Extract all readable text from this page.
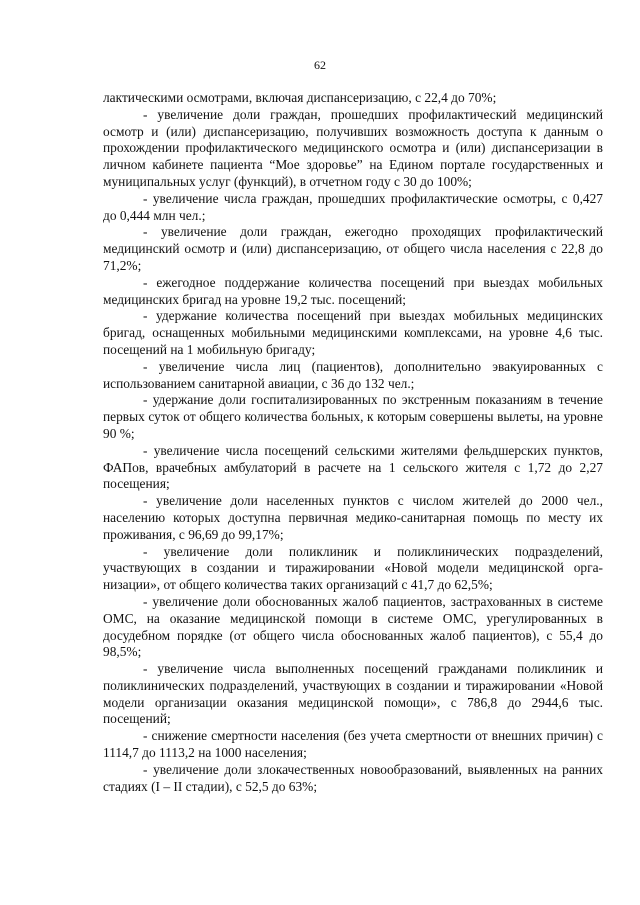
62

лактическими осмотрами, включая диспансеризацию, с 22,4 до 70%;

- увеличение доли граждан, прошедших профилактический медицинский осмотр и (или) диспансеризацию, получивших возможность доступа к данным о прохождении профилактического медицинского осмотра и (или) диспансеризации в личном кабинете пациента “Мое здоровье” на Едином портале государственных и муниципальных услуг (функций), в отчетном году с 30 до 100%;

- увеличение числа граждан, прошедших профилактические осмотры, с 0,427 до 0,444 млн чел.;

- увеличение доли граждан, ежегодно проходящих профилактический медицинский осмотр и (или) диспансеризацию, от общего числа населения с 22,8 до 71,2%;

- ежегодное поддержание количества посещений при выездах мобильных медицинских бригад на уровне 19,2 тыс. посещений;

- удержание количества посещений при выездах мобильных медицинских бригад, оснащенных мобильными медицинскими комплексами, на уровне 4,6 тыс. посещений на 1 мобильную бригаду;

- увеличение числа лиц (пациентов), дополнительно эвакуированных с использованием санитарной авиации, с 36 до 132 чел.;

- удержание доли госпитализированных по экстренным показаниям в течение первых суток от общего количества больных, к которым совершены вылеты, на уровне 90 %;

- увеличение числа посещений сельскими жителями фельдшерских пунктов, ФАПов, врачебных амбулаторий в расчете на 1 сельского жителя с 1,72 до 2,27 посещения;

- увеличение доли населенных пунктов с числом жителей до 2000 чел., населению которых доступна первичная медико-санитарная помощь по месту их проживания, с 96,69 до 99,17%;

- увеличение доли поликлиник и поликлинических подразделений, участвующих в создании и тиражировании «Новой модели медицинской организации», от общего количества таких организаций с 41,7 до 62,5%;

- увеличение доли обоснованных жалоб пациентов, застрахованных в системе ОМС, на оказание медицинской помощи в системе ОМС, урегулированных в досудебном порядке (от общего числа обоснованных жалоб пациентов), с 55,4 до 98,5%;

- увеличение числа выполненных посещений гражданами поликлиник и поликлинических подразделений, участвующих в создании и тиражировании «Новой модели организации оказания медицинской помощи», с 786,8 до 2944,6 тыс. посещений;

- снижение смертности населения (без учета смертности от внешних причин) с 1114,7 до 1113,2 на 1000 населения;

- увеличение доли злокачественных новообразований, выявленных на ранних стадиях (I – II стадии), с 52,5 до 63%;
